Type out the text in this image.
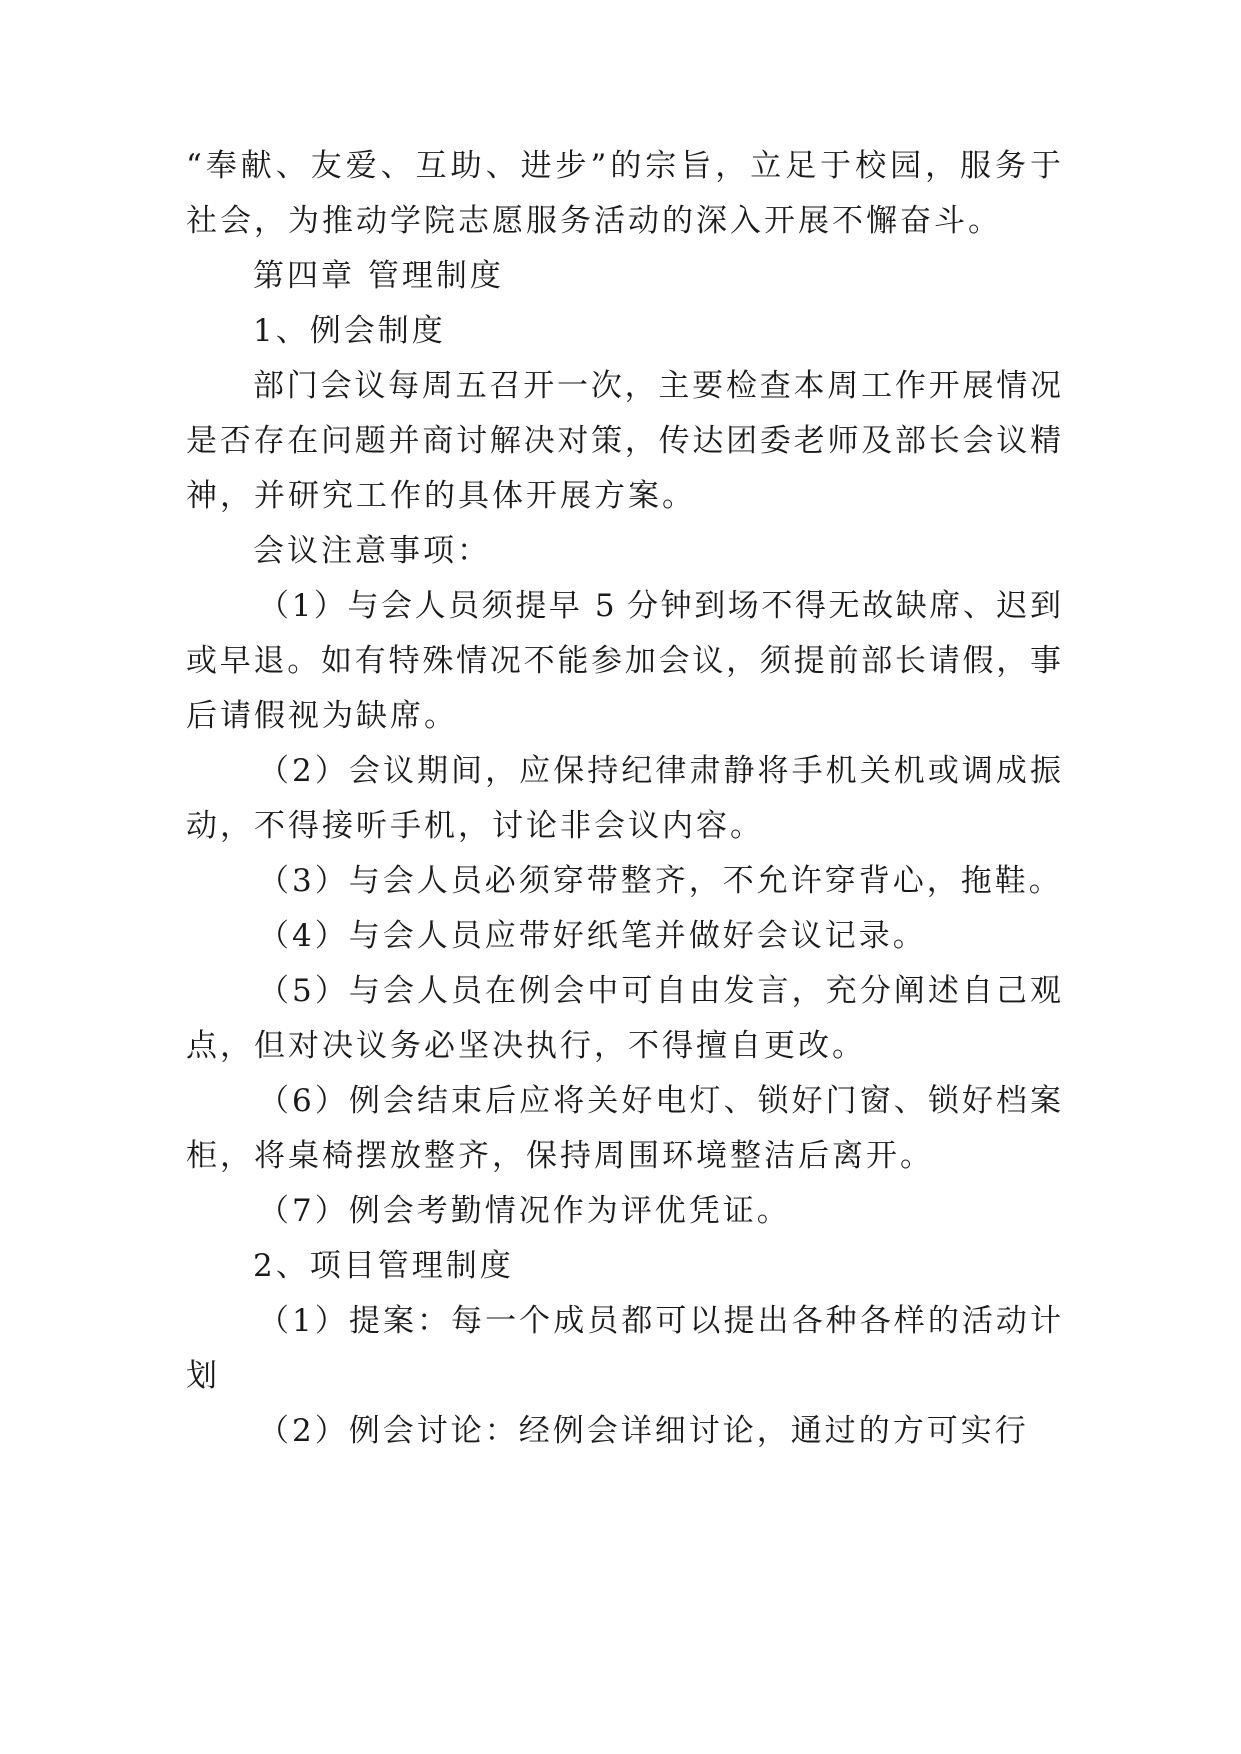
“奉献、友爱、互助、进步”的宗旨，立足于校园，服务于
社会，为推动学院志愿服务活动的深入开展不懈奋斗。
第四章 管理制度
1、例会制度
部门会议每周五召开一次，主要检查本周工作开展情况
是否存在问题并商讨解决对策，传达团委老师及部长会议精
神，并研究工作的具体开展方案。
会议注意事项：
（1）与会人员须提早 5 分钟到场不得无故缺席、迟到
或早退。如有特殊情况不能参加会议，须提前部长请假，事
后请假视为缺席。
（2）会议期间，应保持纪律肃静将手机关机或调成振
动，不得接听手机，讨论非会议内容。
（3）与会人员必须穿带整齐，不允许穿背心，拖鞋。
（4）与会人员应带好纸笔并做好会议记录。
（5）与会人员在例会中可自由发言，充分阐述自己观
点，但对决议务必坚决执行，不得擅自更改。
（6）例会结束后应将关好电灯、锁好门窗、锁好档案
柜，将桌椅摆放整齐，保持周围环境整洁后离开。
（7）例会考勤情况作为评优凭证。
2、项目管理制度
（1）提案：每一个成员都可以提出各种各样的活动计
划
（2）例会讨论：经例会详细讨论，通过的方可实行
